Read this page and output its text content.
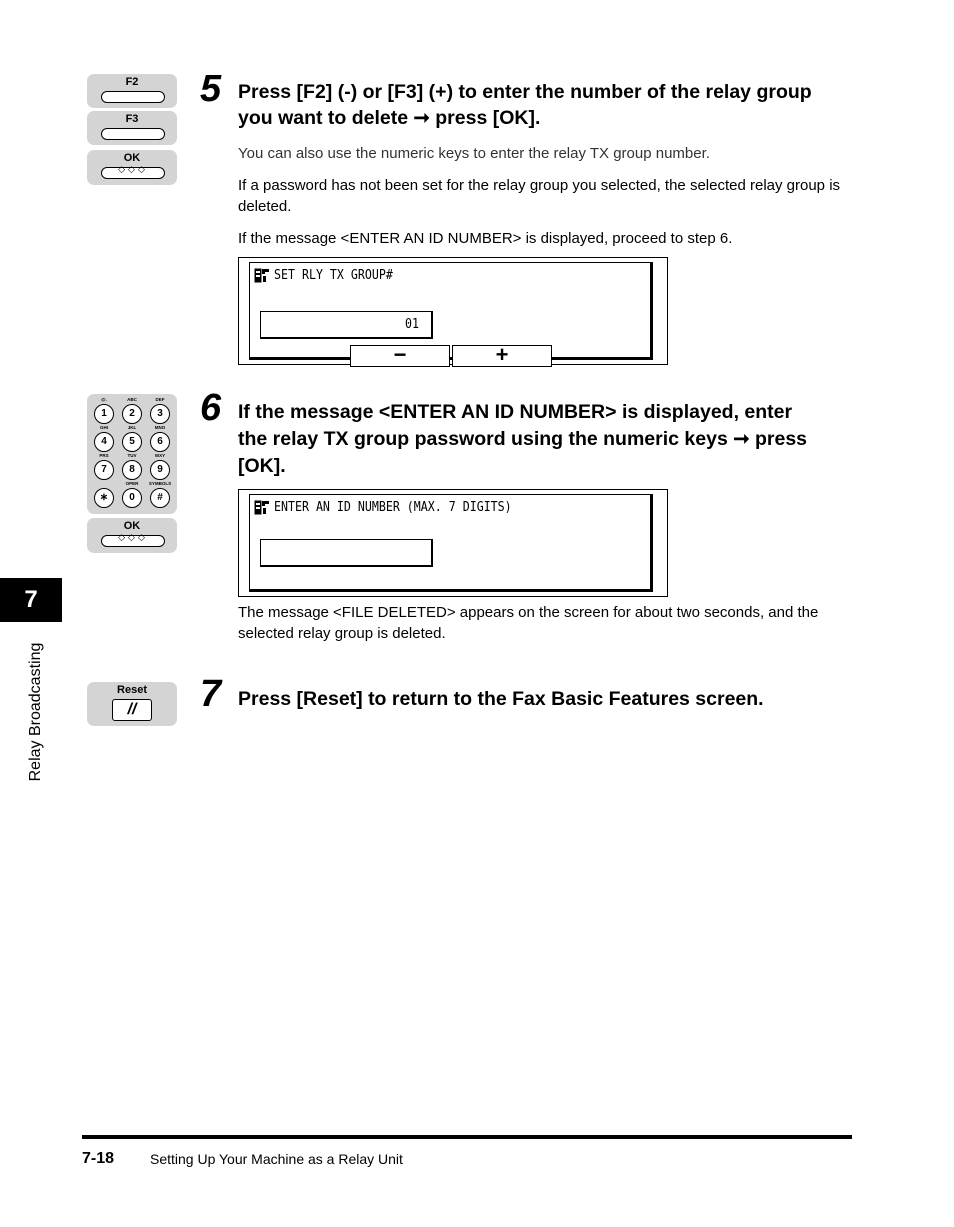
F2
F3
OK
◇◇◇
5 Press [F2] (-) or [F3] (+) to enter the number of the relay group
you want to delete ➞ press [OK].
You can also use the numeric keys to enter the relay TX group number.
If a password has not been set for the relay group you selected, the selected relay group is deleted.
If the message <ENTER AN ID NUMBER> is displayed, proceed to step 6.
SET RLY TX GROUP#
01
−	+
@.
1
ABC
2
DEF
3
GHI
4
JKL
5
MNO
6
PRS
7
TUV
8
WXY
9
∗
OPER
0
SYMBOLS
#
OK
◇◇◇
6 If the message <ENTER AN ID NUMBER> is displayed, enter
the relay TX group password using the numeric keys ➞ press
[OK].
ENTER AN ID NUMBER (MAX. 7 DIGITS)
The message <FILE DELETED> appears on the screen for about two seconds, and the selected relay group is deleted.
Reset
//	7 Press [Reset] to return to the Fax Basic Features screen.
7
Relay Broadcasting
7-18	Setting Up Your Machine as a Relay Unit
